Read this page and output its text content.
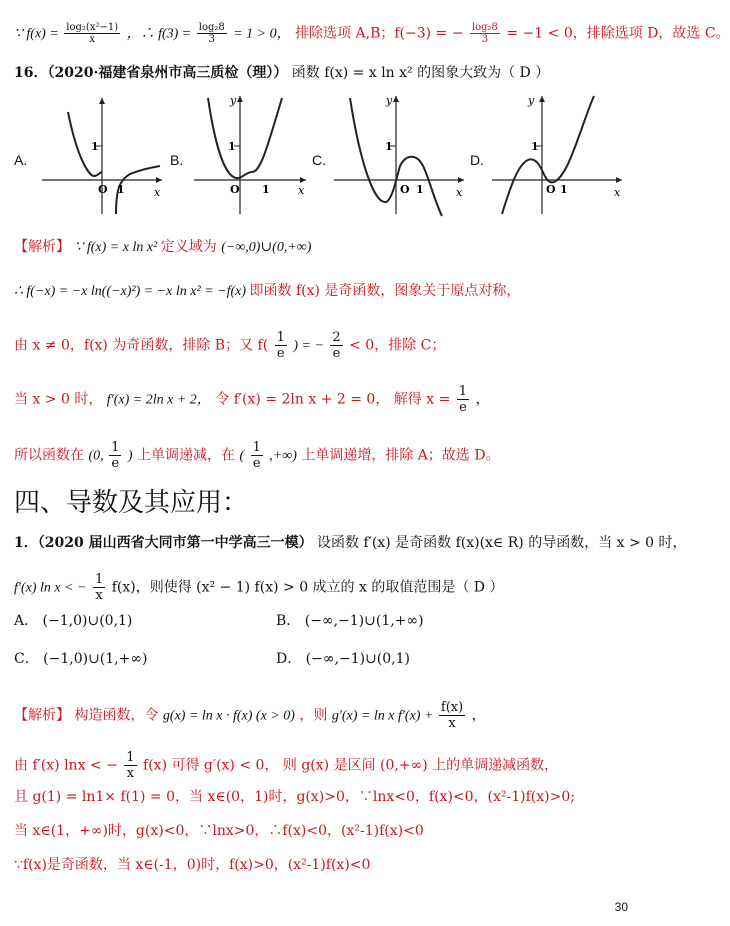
∵ $f(x) = \frac{\text{log₂(x²−1)}}{x}$ ，∴ $f(3) = \frac{\text{log₂8}}{3} = 1 > 0$， 排除选项 A,B；f(−3) = − $\frac{\text{log₂8}}{3} = -1 < 0$，排除选项 D，故选 C。
16．（2020·福建省泉州市高三质检（理）） 函数 f(x) = x ln x² 的图象大致为（ D ）
A.
1
O 1	x
B.
1
O 1	x
y
C.
1
O 1	x
y
D.
1
O 1	x
y
【解析】 ∵ f(x) = x ln x² 定义域为 (−∞,0)∪(0,+∞)
∴ f(−x) = −x ln((−x)²) = −x ln x² = −f(x) 即函数 f(x) 是奇函数，图象关于原点对称，
由 x ≠ 0，f(x) 为奇函数，排除 B；又 $f( \frac{1}{e}$ ) = − $\frac{2}{e} < 0$，排除 C；
当 x > 0 时， f′(x) = 2ln x + 2， 令 f′(x) = 2ln x + 2 = 0， 解得 $x = \frac{1}{e}$ ，
所以函数在 (0, $\frac{1}{e}$ ) 上单调递减，在 ( $\frac{1}{e}$ ,+∞) 上单调递增，排除 A；故选 D。
四、导数及其应用：
1．（2020 届山西省大同市第一中学高三一模） 设函数 f′(x) 是奇函数 f(x)(x∈ R) 的导函数，当 x > 0 时，
f′(x) ln x < − $\frac{1}{x} f(x)$，则使得 (x² − 1) f(x) > 0 成立的 x 的取值范围是（ D ）
A． (−1,0)∪(0,1)	B． (−∞,−1)∪(1,+∞)
C． (−1,0)∪(1,+∞)	D． (−∞,−1)∪(0,1)
【解析】 构造函数，令 g(x) = ln x · f(x) (x > 0) ，则 g′(x) = ln x $f'(x) + \frac{f(x)}{x}$ ，
由 f′(x) lnx < − $\frac{1}{x} f(x)$ 可得 g′(x) < 0， 则 g(x) 是区间 (0,+∞) 上的单调递减函数，
且 g(1) = ln1× f(1) = 0，当 x∈(0，1)时，g(x)>0，∵lnx<0，f(x)<0，(x²-1)f(x)>0;
当 x∈(1，+∞)时，g(x)<0，∵lnx>0，∴f(x)<0，(x²-1)f(x)<0
∵f(x)是奇函数，当 x∈(-1，0)时，f(x)>0，(x²-1)f(x)<0
30
